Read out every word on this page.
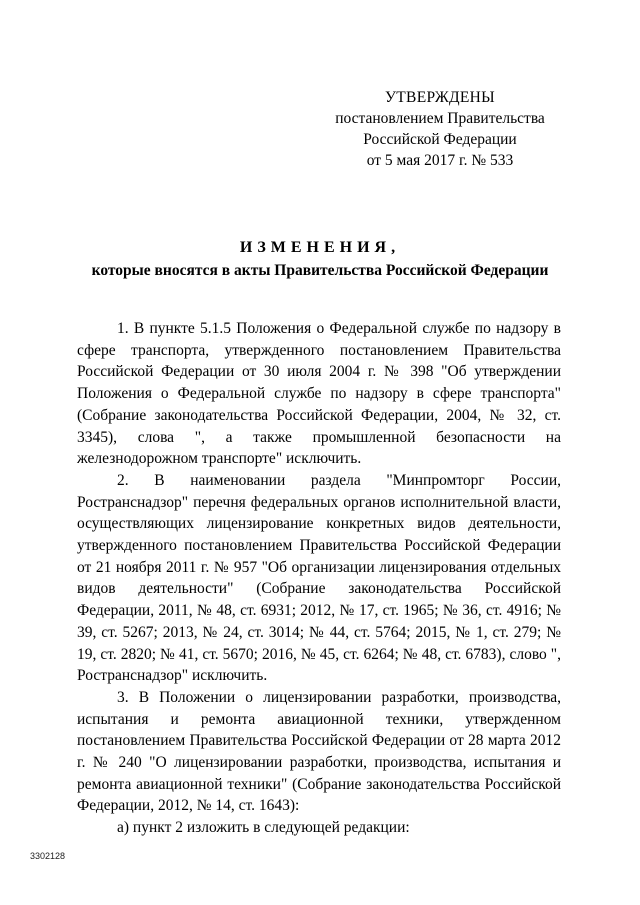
УТВЕРЖДЕНЫ
постановлением Правительства
Российской Федерации
от 5 мая 2017 г. № 533
ИЗМЕНЕНИЯ,
которые вносятся в акты Правительства Российской Федерации

1. В пункте 5.1.5 Положения о Федеральной службе по надзору в сфере транспорта, утвержденного постановлением Правительства Российской Федерации от 30 июля 2004 г. № 398 "Об утверждении Положения о Федеральной службе по надзору в сфере транспорта" (Собрание законодательства Российской Федерации, 2004, № 32, ст. 3345), слова ", а также промышленной безопасности на железнодорожном транспорте" исключить.

2. В наименовании раздела "Минпромторг России, Ространснадзор" перечня федеральных органов исполнительной власти, осуществляющих лицензирование конкретных видов деятельности, утвержденного постановлением Правительства Российской Федерации от 21 ноября 2011 г. № 957 "Об организации лицензирования отдельных видов деятельности" (Собрание законодательства Российской Федерации, 2011, № 48, ст. 6931; 2012, № 17, ст. 1965; № 36, ст. 4916; № 39, ст. 5267; 2013, № 24, ст. 3014; № 44, ст. 5764; 2015, № 1, ст. 279; № 19, ст. 2820; № 41, ст. 5670; 2016, № 45, ст. 6264; № 48, ст. 6783), слово ", Ространснадзор" исключить.

3. В Положении о лицензировании разработки, производства, испытания и ремонта авиационной техники, утвержденном постановлением Правительства Российской Федерации от 28 марта 2012 г. № 240 "О лицензировании разработки, производства, испытания и ремонта авиационной техники" (Собрание законодательства Российской Федерации, 2012, № 14, ст. 1643):

а) пункт 2 изложить в следующей редакции:

3302128
